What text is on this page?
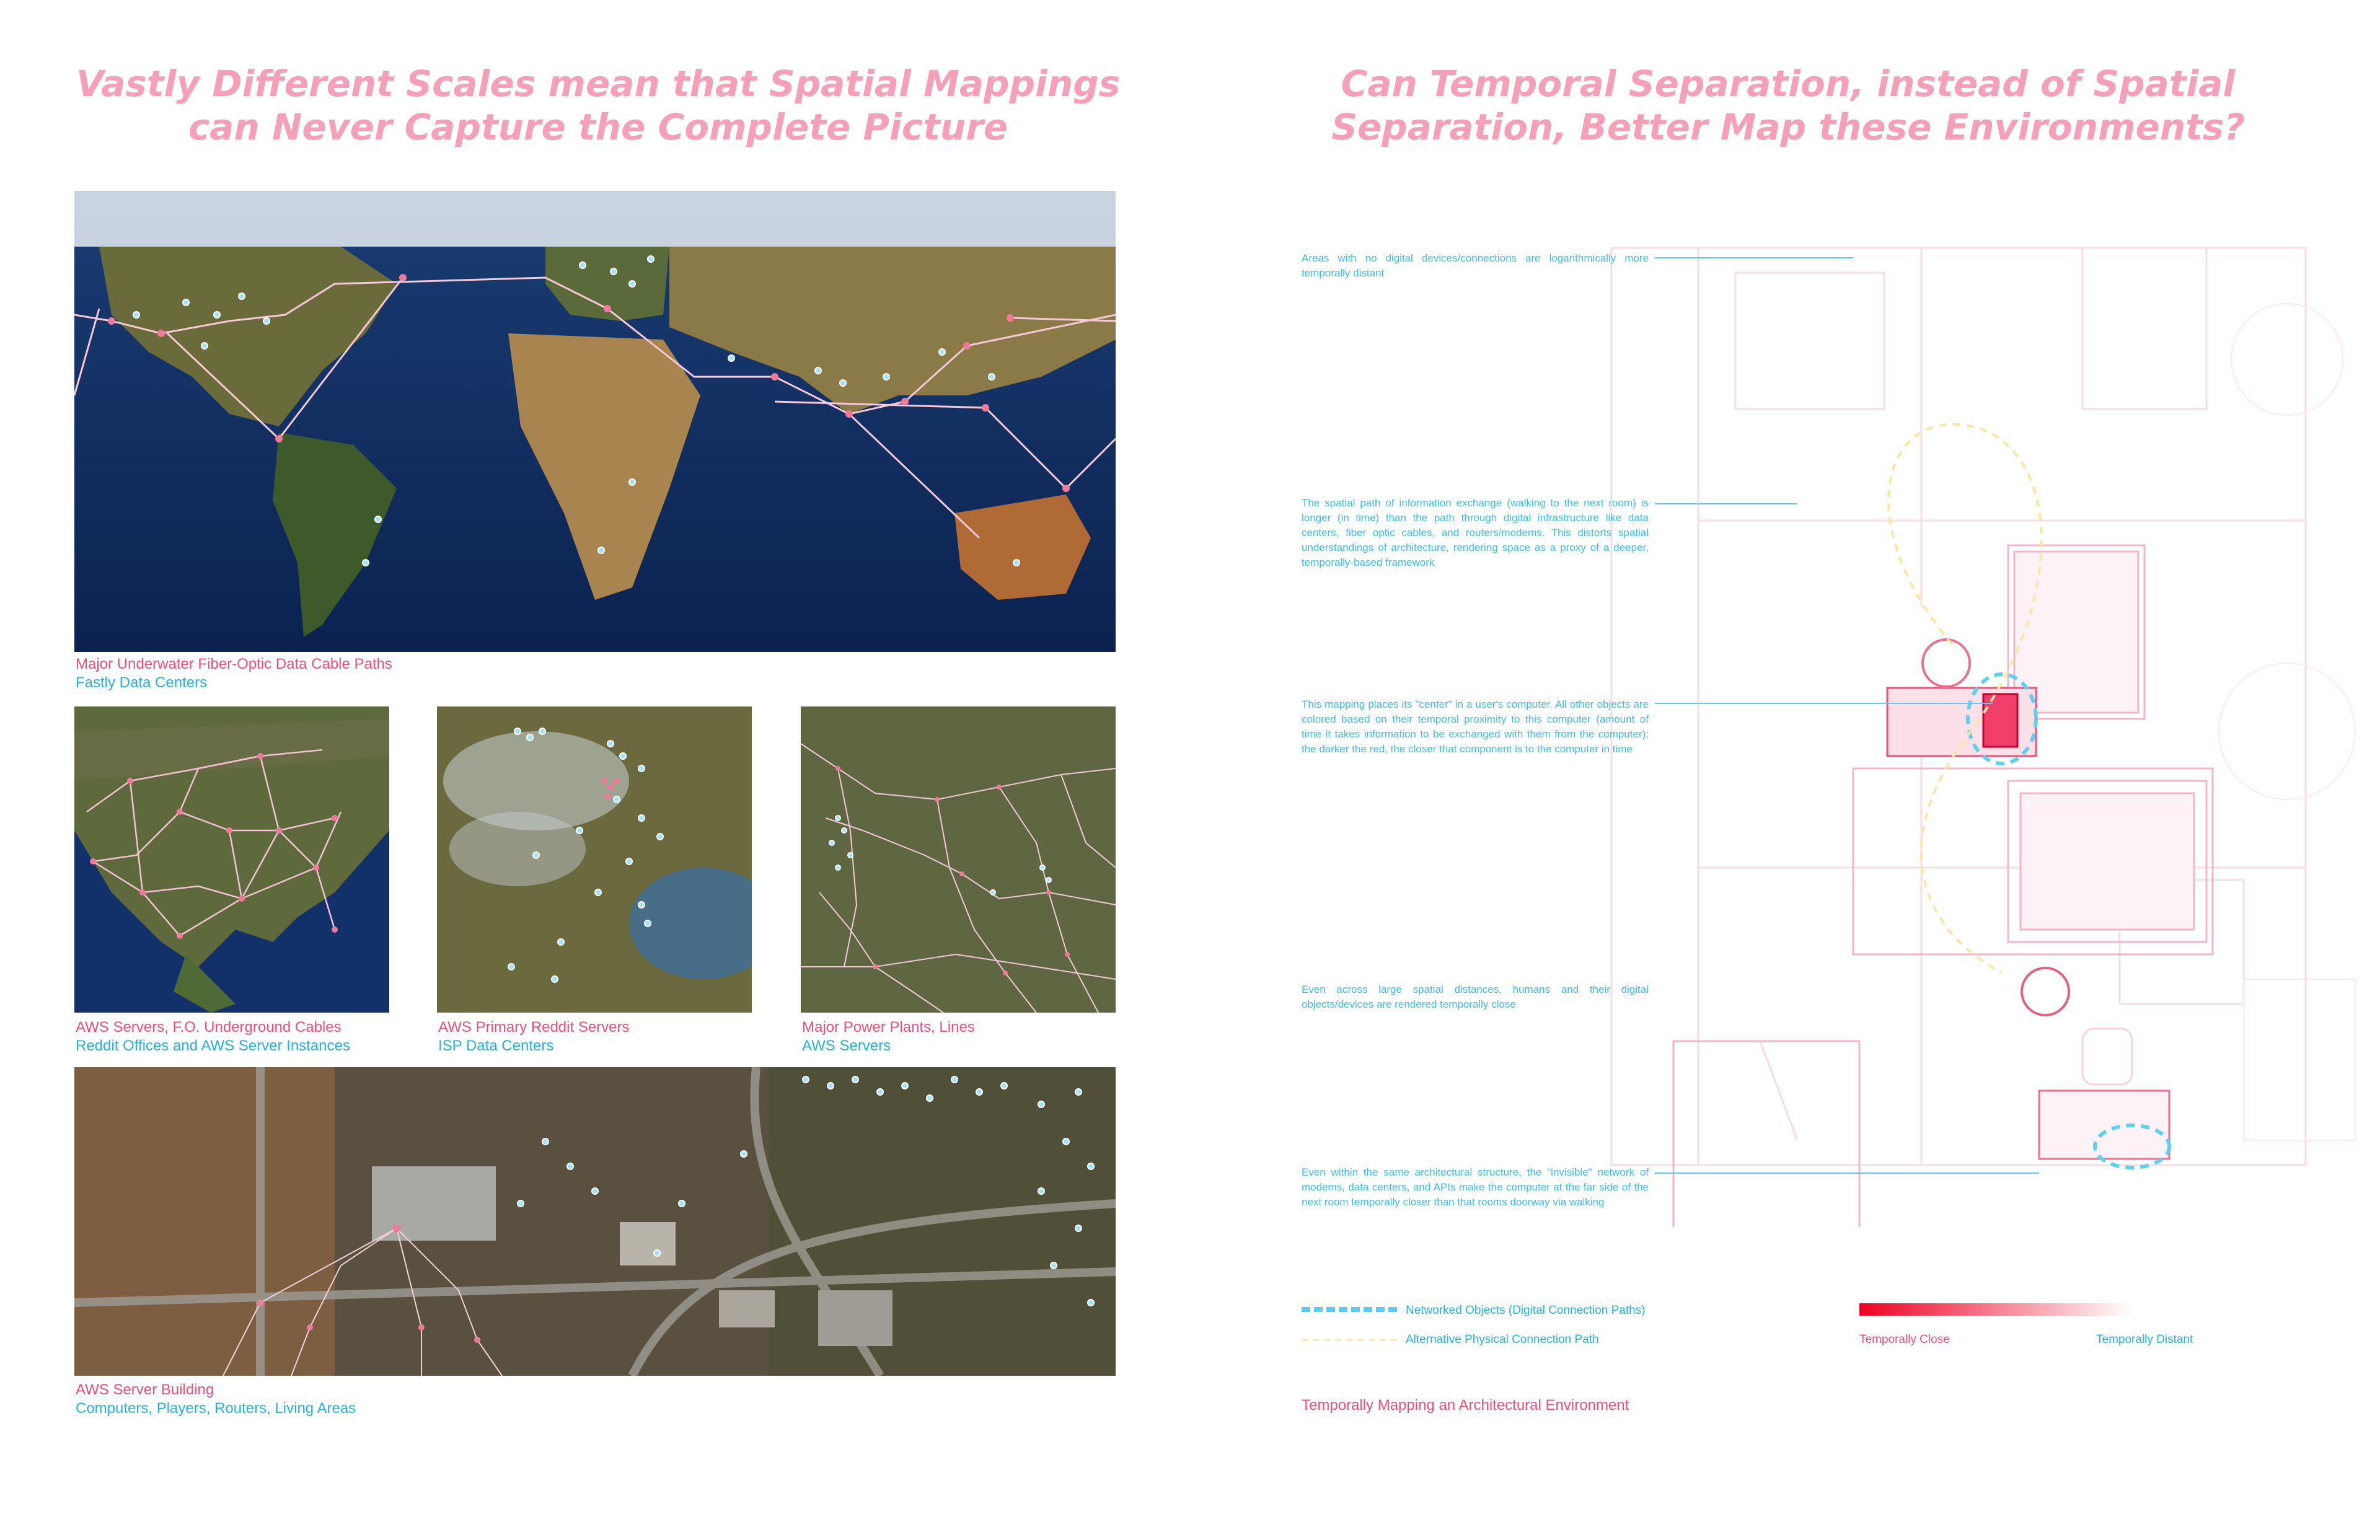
Vastly Different Scales mean that Spatial Mappings
can Never Capture the Complete Picture
Can Temporal Separation, instead of Spatial
Separation, Better Map these Environments?
Major Underwater Fiber-Optic Data Cable Paths
Fastly Data Centers
AWS Servers, F.O. Underground Cables
Reddit Offices and AWS Server Instances
AWS Primary Reddit Servers
ISP Data Centers
Major Power Plants, Lines
AWS Servers
AWS Server Building
Computers, Players, Routers, Living Areas
Areas with no digital devices/connections are logarithmically more temporally distant
The spatial path of information exchange (walking to the next room) is longer (in time) than the path through digital infrastructure like data centers, fiber optic cables, and routers/modems. This distorts spatial understandings of architecture, rendering space as a proxy of a deeper, temporally-based framework
This mapping places its "center" in a user's computer. All other objects are colored based on their temporal proximity to this computer (amount of time it takes information to be exchanged with them from the computer); the darker the red, the closer that component is to the computer in time
Even across large spatial distances, humans and their digital objects/devices are rendered temporally close
Even within the same architectural structure, the "invisible" network of modems, data centers, and APIs make the computer at the far side of the next room temporally closer than that rooms doorway via walking
Networked Objects (Digital Connection Paths)
Alternative Physical Connection Path	Temporally Close	Temporally Distant
Temporally Mapping an Architectural Environment
